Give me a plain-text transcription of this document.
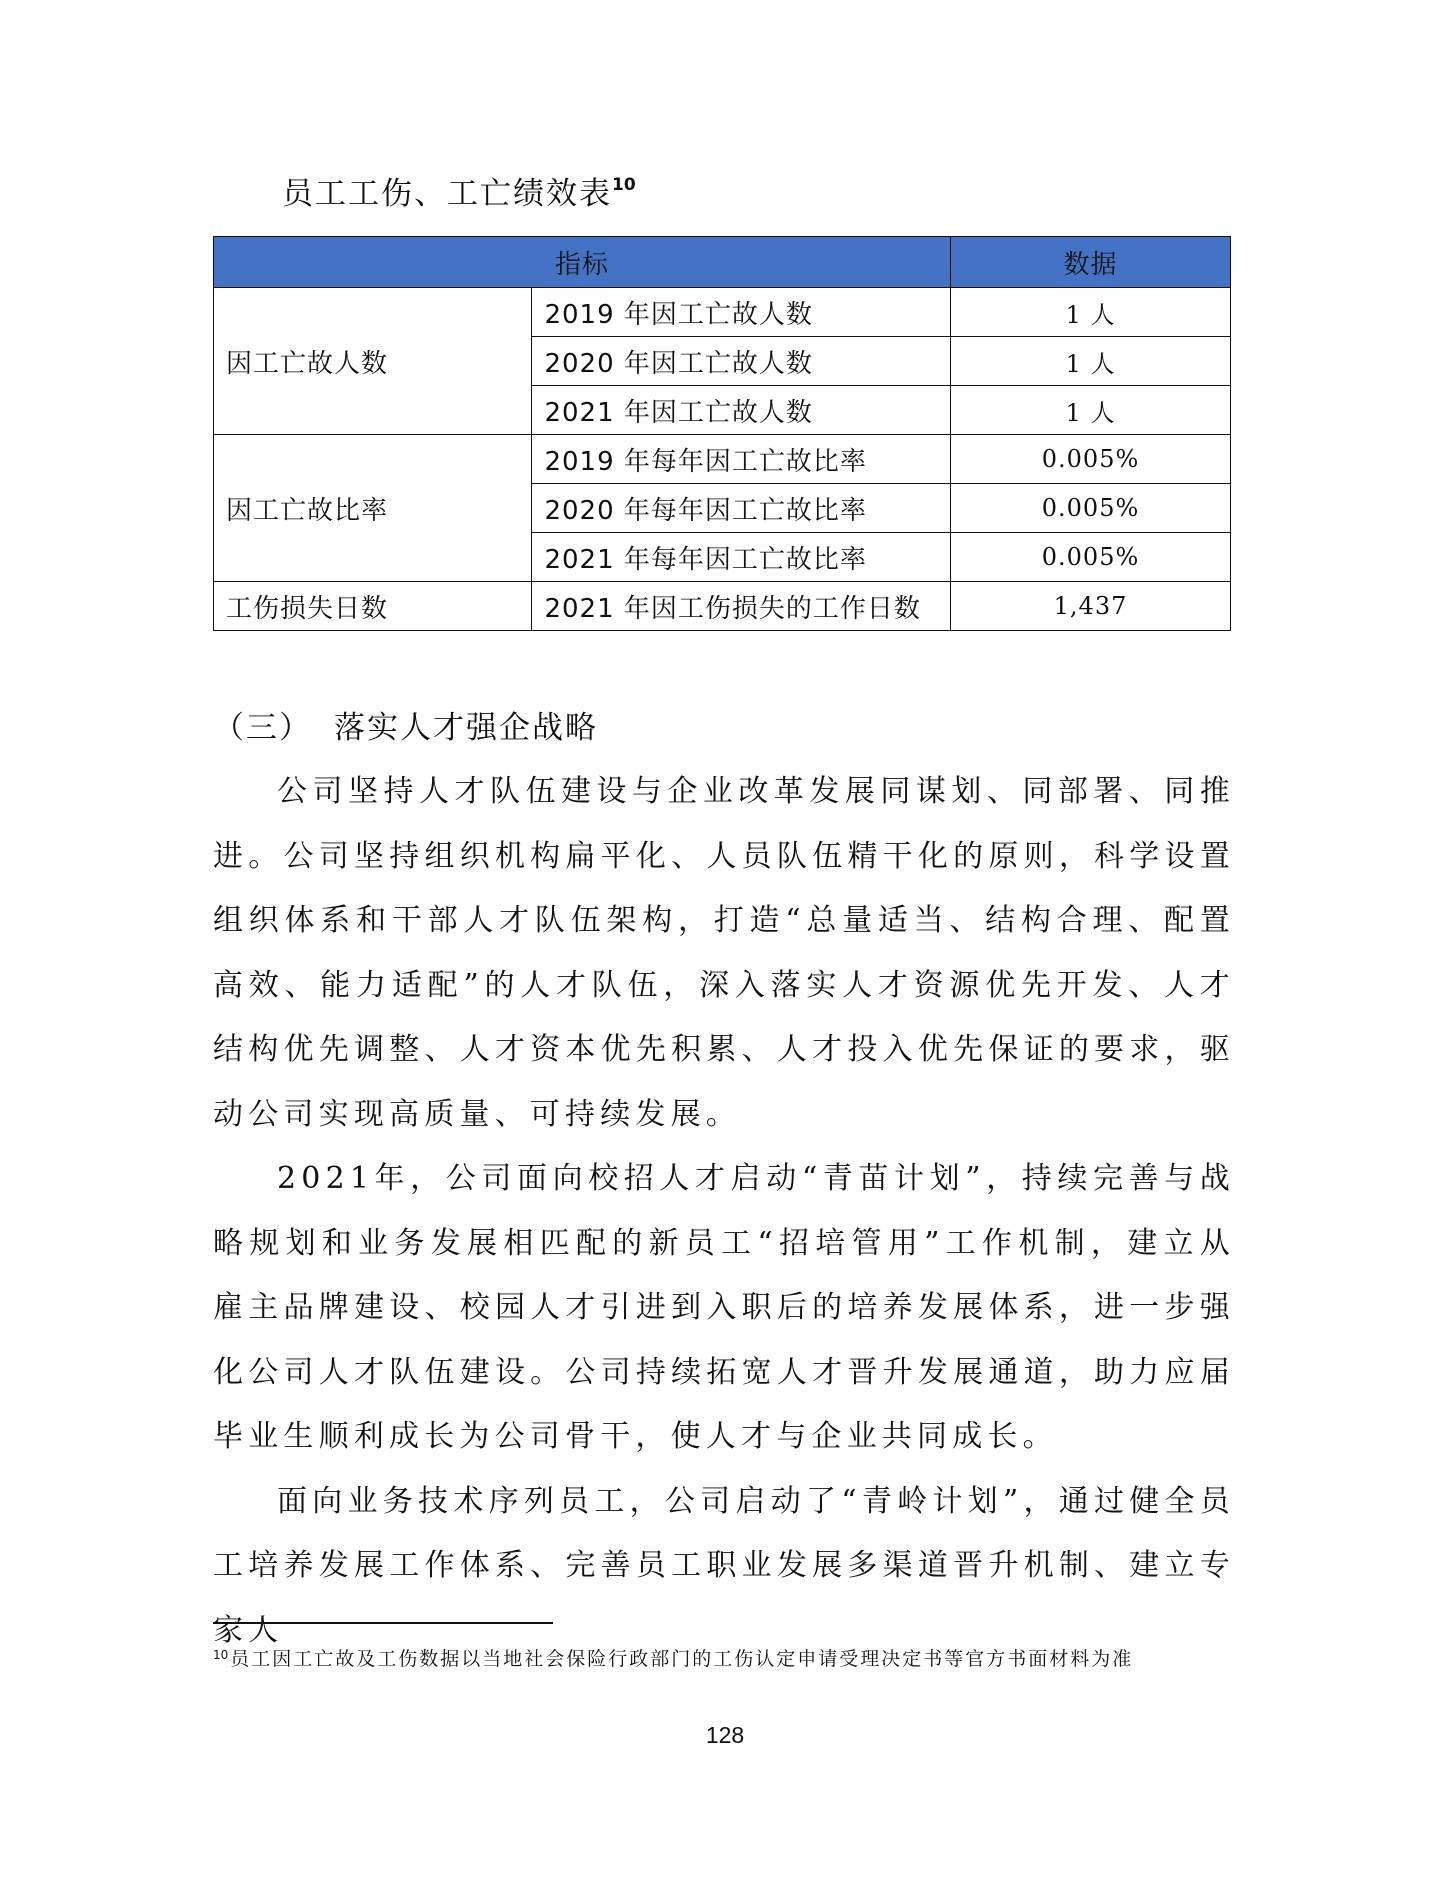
员工工伤、工亡绩效表$^{10}$
指标		数据
因工亡故人数	2019 年因工亡故人数	1 人
	2020 年因工亡故人数	1 人
	2021 年因工亡故人数	1 人
因工亡故比率	2019 年每年因工亡故比率	0.005%
	2020 年每年因工亡故比率	0.005%
	2021 年每年因工亡故比率	0.005%
工伤损失日数	2021 年因工伤损失的工作日数	1,437
（三） 落实人才强企战略

公司坚持人才队伍建设与企业改革发展同谋划、同部署、同推进。公司坚持组织机构扁平化、人员队伍精干化的原则，科学设置组织体系和干部人才队伍架构，打造“总量适当、结构合理、配置高效、能力适配”的人才队伍，深入落实人才资源优先开发、人才结构优先调整、人才资本优先积累、人才投入优先保证的要求，驱动公司实现高质量、可持续发展。

2021年，公司面向校招人才启动“青苗计划”，持续完善与战略规划和业务发展相匹配的新员工“招培管用”工作机制，建立从雇主品牌建设、校园人才引进到入职后的培养发展体系，进一步强化公司人才队伍建设。公司持续拓宽人才晋升发展通道，助力应届毕业生顺利成长为公司骨干，使人才与企业共同成长。

面向业务技术序列员工，公司启动了“青岭计划”，通过健全员工培养发展工作体系、完善员工职业发展多渠道晋升机制、建立专家人

$^{10}$ 员工因工亡故及工伤数据以当地社会保险行政部门的工伤认定申请受理决定书等官方书面材料为准
128
